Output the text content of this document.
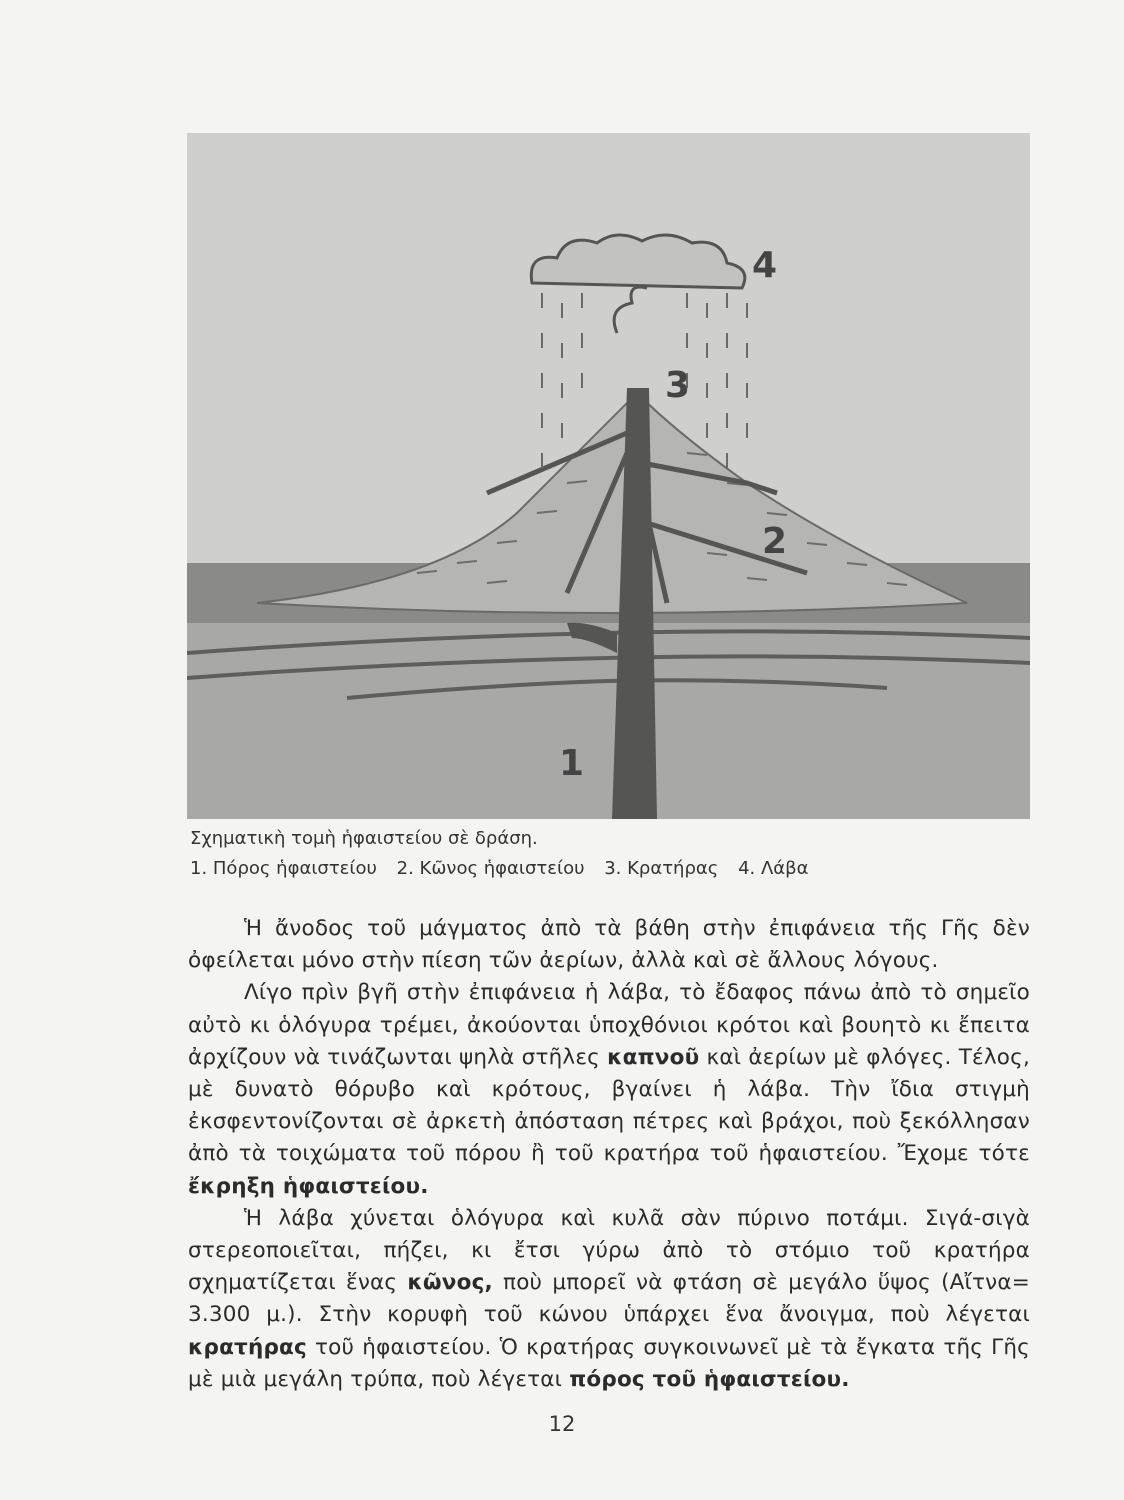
4
3
2
1
Σχηματικὴ τομὴ ἡφαιστείου σὲ δράση.
1. Πόρος ἡφαιστείου 2. Κῶνος ἡφαιστείου 3. Κρατήρας 4. Λάβα

Ἡ ἄνοδος τοῦ μάγματος ἀπὸ τὰ βάθη στὴν ἐπιφάνεια τῆς Γῆς δὲν ὀφείλεται μόνο στὴν πίεση τῶν ἀερίων, ἀλλὰ καὶ σὲ ἄλλους λόγους.

Λίγο πρὶν βγῆ στὴν ἐπιφάνεια ἡ λάβα, τὸ ἔδαφος πάνω ἀπὸ τὸ σημεῖο αὐτὸ κι ὁλόγυρα τρέμει, ἀκούονται ὑποχθόνιοι κρότοι καὶ βουητὸ κι ἔπειτα ἀρχίζουν νὰ τινάζωνται ψηλὰ στῆλες καπνοῦ καὶ ἀερίων μὲ φλόγες. Τέλος, μὲ δυνατὸ θόρυβο καὶ κρότους, βγαίνει ἡ λάβα. Τὴν ἴδια στιγμὴ ἐκσφεντονίζονται σὲ ἀρκετὴ ἀπόσταση πέτρες καὶ βράχοι, ποὺ ξεκόλλησαν ἀπὸ τὰ τοιχώματα τοῦ πόρου ἢ τοῦ κρατήρα τοῦ ἡφαιστείου. Ἔχομε τότε ἔκρηξη ἡφαιστείου.

Ἡ λάβα χύνεται ὁλόγυρα καὶ κυλᾶ σὰν πύρινο ποτάμι. Σιγά-σιγὰ στερεοποιεῖται, πήζει, κι ἔτσι γύρω ἀπὸ τὸ στόμιο τοῦ κρατήρα σχηματίζεται ἕνας κῶνος, ποὺ μπορεῖ νὰ φτάση σὲ μεγάλο ὕψος (Αἴτνα= 3.300 μ.). Στὴν κορυφὴ τοῦ κώνου ὑπάρχει ἕνα ἄνοιγμα, ποὺ λέγεται κρατήρας τοῦ ἡφαιστείου. Ὁ κρατήρας συγκοινωνεῖ μὲ τὰ ἔγκατα τῆς Γῆς μὲ μιὰ μεγάλη τρύπα, ποὺ λέγεται πόρος τοῦ ἡφαιστείου.

12
